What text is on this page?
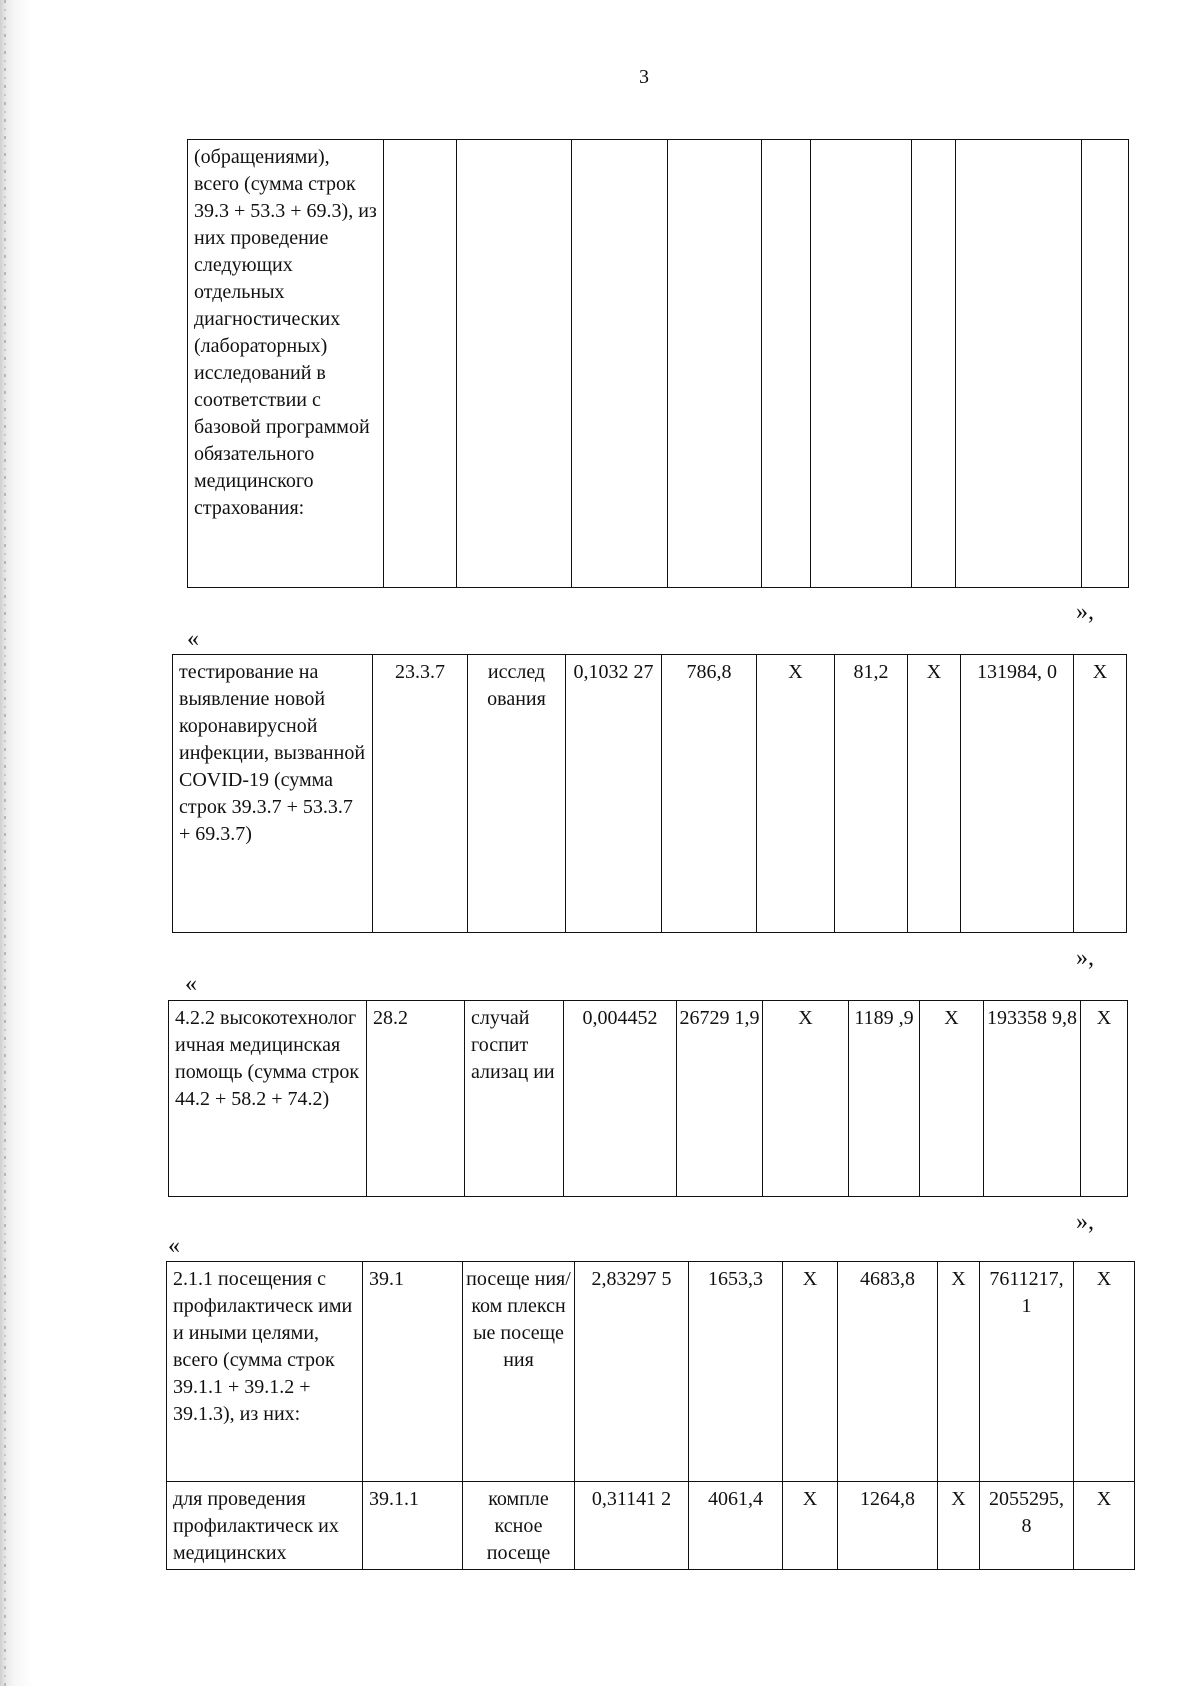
3
(обращениями), всего (сумма строк 39.3 + 53.3 + 69.3), из них проведение следующих отдельных диагностических (лабораторных) исследований в соответствии с базовой программой обязательного медицинского страхования:									
»,
«
тестирование на выявление новой коронавирусной инфекции, вызванной COVID-19 (сумма строк 39.3.7 + 53.3.7 + 69.3.7)	23.3.7	исслед ования	0,1032 27	786,8	Х	81,2	Х	131984, 0	Х
»,
«
4.2.2 высокотехнолог ичная медицинская помощь (сумма строк 44.2 + 58.2 + 74.2)	28.2	случай госпит ализац ии	0,004452	26729 1,9	Х	1189 ,9	Х	193358 9,8	Х
»,
«
2.1.1 посещения с профилактическ ими и иными целями, всего (сумма строк 39.1.1 + 39.1.2 + 39.1.3), из них:	39.1	посеще ния/ком плексн ые посеще ния	2,83297 5	1653,3	Х	4683,8	Х	7611217, 1	Х
для проведения профилактическ их медицинских	39.1.1	компле ксное посеще	0,31141 2	4061,4	Х	1264,8	Х	2055295, 8	Х
